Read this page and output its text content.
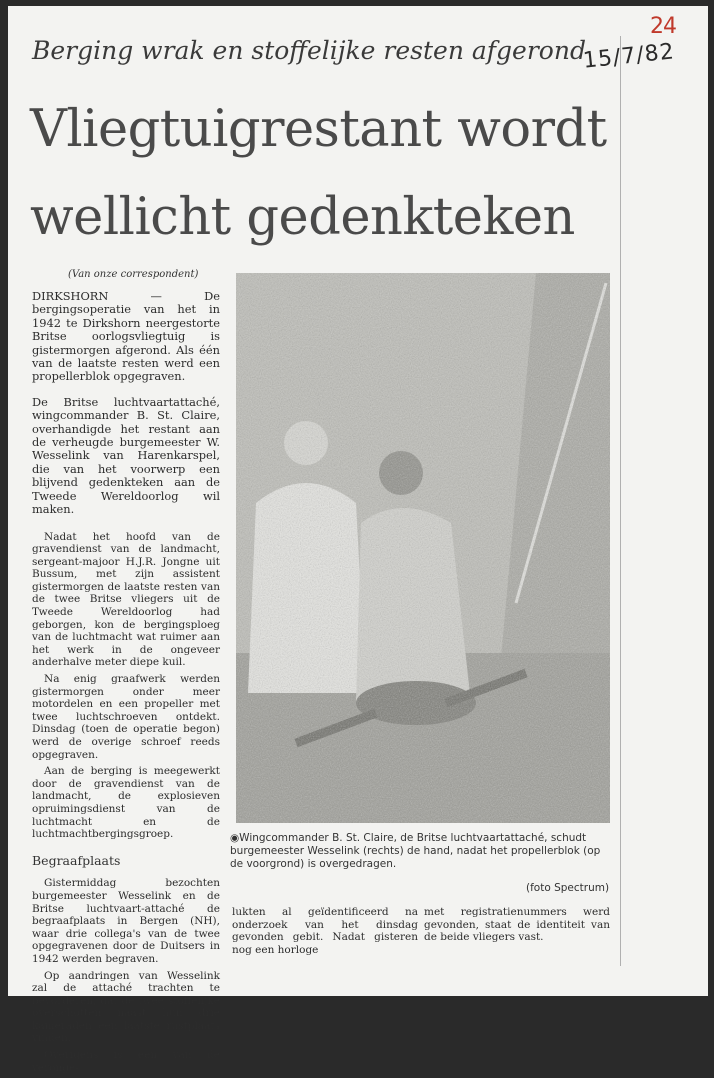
24
15/7/82
Berging wrak en stoffelijke resten afgerond
Vliegtuigrestant wordt
wellicht gedenkteken
(Van onze correspondent)

DIRKSHORN — De bergingsoperatie van het in 1942 te Dirkshorn neergestorte Britse oorlogsvliegtuig is gistermorgen afgerond. Als één van de laatste resten werd een propellerblok opgegraven.

De Britse luchtvaartattaché, wingcommander B. St. Claire, overhandigde het restant aan de verheugde burgemeester W. Wesselink van Harenkarspel, die van het voorwerp een blijvend gedenkteken aan de Tweede Wereldoorlog wil maken.

Nadat het hoofd van de gravendienst van de landmacht, sergeant-majoor H.J.R. Jongne uit Bussum, met zijn assistent gistermorgen de laatste resten van de twee Britse vliegers uit de Tweede Wereldoorlog had geborgen, kon de bergingsploeg van de luchtmacht wat ruimer aan het werk in de ongeveer anderhalve meter diepe kuil.

Na enig graafwerk werden gistermorgen onder meer motordelen en een propeller met twee luchtschroeven ontdekt. Dinsdag (toen de operatie begon) werd de overige schroef reeds opgegraven.

Aan de berging is meegewerkt door de gravendienst van de landmacht, de explosieven opruimingsdienst van de luchtmacht en de luchtmachtbergingsgroep.

Begraafplaats

Gistermiddag bezochten burgemeester Wesselink en de Britse luchtvaart-attaché de begraafplaats in Bergen (NH), waar drie collega's van de twee opgegravenen door de Duitsers in 1942 werden begraven.

Op aandringen van Wesselink zal de attaché trachten te bevorderen, dat de twee stoffelijke overschotten naast hun drie kameraden een laatste rustplaats vinden.

Overigens is één van de veronge-

◉Wingcommander B. St. Claire, de Britse luchtvaartattaché, schudt burgemeester Wesselink (rechts) de hand, nadat het propellerblok (op de voorgrond) is overgedragen.
(foto Spectrum)

lukten al geïdentificeerd na onderzoek van het dinsdag gevonden gebit. Nadat gisteren nog een horloge

met registratienummers werd gevonden, staat de identiteit van de beide vliegers vast.
